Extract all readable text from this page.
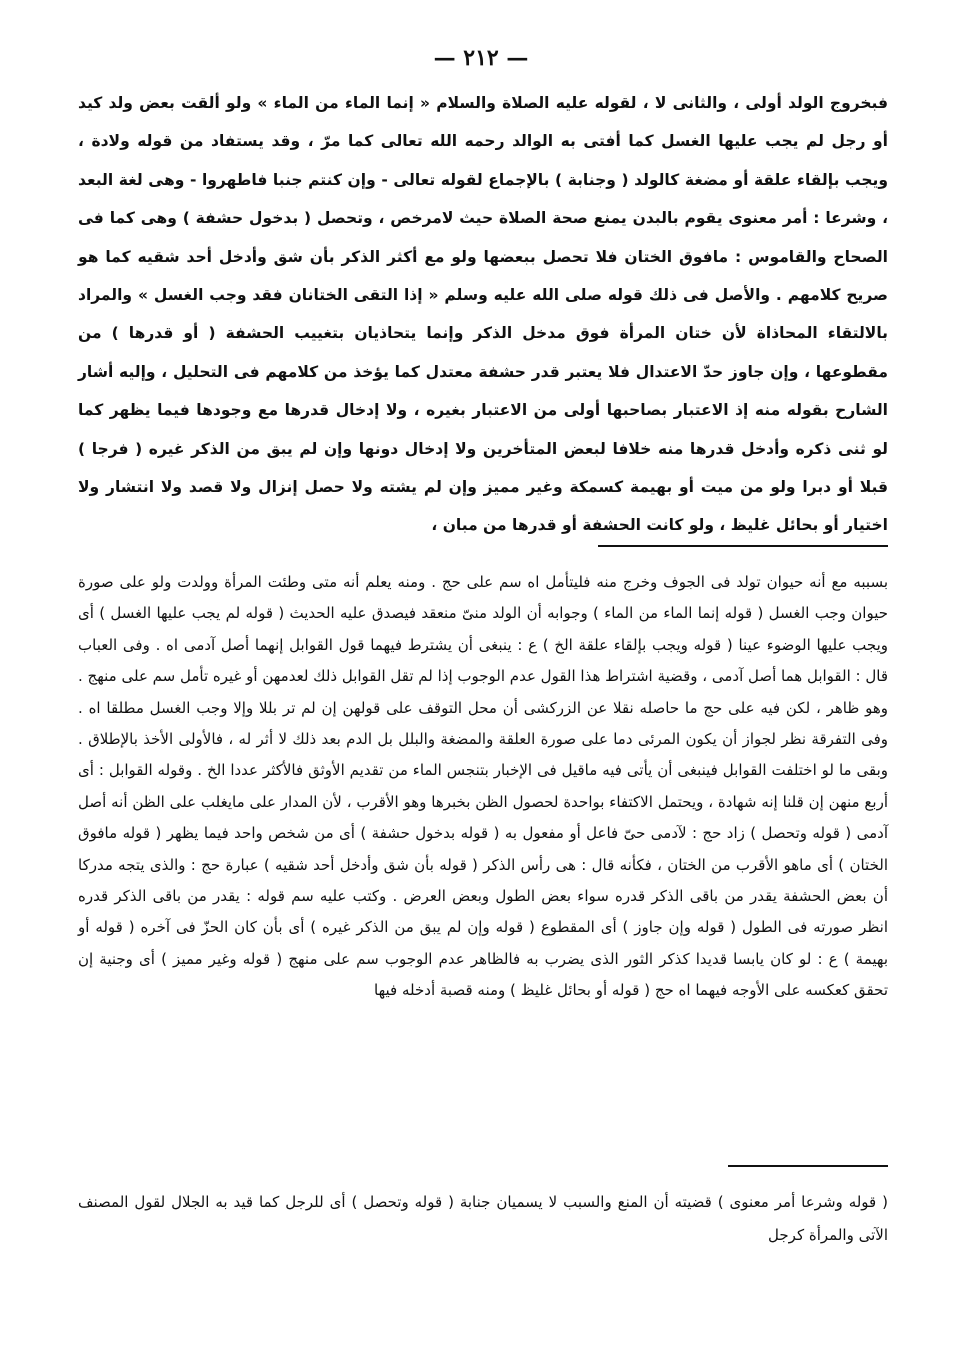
— ٢١٢ —

فبخروج الولد أولى ، والثانى لا ، لقوله عليه الصلاة والسلام « إنما الماء من الماء » ولو ألقت بعض ولد كيد أو رجل لم يجب عليها الغسل كما أفتى به الوالد رحمه الله تعالى كما مرّ ، وقد يستفاد من قوله ولادة ، ويجب بإلقاء علقة أو مضغة كالولد ( وجنابة ) بالإجماع لقوله تعالى - وإن كنتم جنبا فاطهروا - وهى لغة البعد ، وشرعا : أمر معنوى يقوم بالبدن يمنع صحة الصلاة حيث لامرخص ، وتحصل ( بدخول حشفة ) وهى كما فى الصحاح والقاموس : مافوق الختان فلا تحصل ببعضها ولو مع أكثر الذكر بأن شق وأدخل أحد شقيه كما هو صريح كلامهم . والأصل فى ذلك قوله صلى الله عليه وسلم « إذا التقى الختانان فقد وجب الغسل » والمراد بالالتقاء المحاذاة لأن ختان المرأة فوق مدخل الذكر وإنما يتحاذيان بتغييب الحشفة ( أو قدرها ) من مقطوعها ، وإن جاوز حدّ الاعتدال فلا يعتبر قدر حشفة معتدل كما يؤخذ من كلامهم فى التحليل ، وإليه أشار الشارح بقوله منه إذ الاعتبار بصاحبها أولى من الاعتبار بغيره ، ولا إدخال قدرها مع وجودها فيما يظهر كما لو ثنى ذكره وأدخل قدرها منه خلافا لبعض المتأخرين ولا إدخال دونها وإن لم يبق من الذكر غيره ( فرجا ) قبلا أو دبرا ولو من ميت أو بهيمة كسمكة وغير مميز وإن لم يشته ولا حصل إنزال ولا قصد ولا انتشار ولا اختيار أو بحائل غليظ ، ولو كانت الحشفة أو قدرها من مبان ،

بسببه مع أنه حيوان تولد فى الجوف وخرج منه فليتأمل اه سم على حج . ومنه يعلم أنه متى وطئت المرأة وولدت ولو على صورة حيوان وجب الغسل ( قوله إنما الماء من الماء ) وجوابه أن الولد منىّ منعقد فيصدق عليه الحديث ( قوله لم يجب عليها الغسل ) أى ويجب عليها الوضوء عينا ( قوله ويجب بإلقاء علقة الخ ) ع : ينبغى أن يشترط فيهما قول القوابل إنهما أصل آدمى اه . وفى العباب قال : القوابل هما أصل آدمى ، وقضية اشتراط هذا القول عدم الوجوب إذا لم تقل القوابل ذلك لعدمهن أو غيره تأمل سم على منهج . وهو ظاهر ، لكن فيه على حج ما حاصله نقلا عن الزركشى أن محل التوقف على قولهن إن لم تر بللا وإلا وجب الغسل مطلقا اه . وفى التفرقة نظر لجواز أن يكون المرئى دما على صورة العلقة والمضغة والبلل بل الدم بعد ذلك لا أثر له ، فالأولى الأخذ بالإطلاق . وبقى ما لو اختلفت القوابل فينبغى أن يأتى فيه ماقيل فى الإخبار بتنجس الماء من تقديم الأوثق فالأكثر عددا الخ . وقوله القوابل : أى أربع منهن إن قلنا إنه شهادة ، ويحتمل الاكتفاء بواحدة لحصول الظن بخبرها وهو الأقرب ، لأن المدار على مايغلب على الظن أنه أصل آدمى ( قوله وتحصل ) زاد حج : لآدمى حىّ فاعل أو مفعول به ( قوله بدخول حشفة ) أى من شخص واحد فيما يظهر ( قوله مافوق الختان ) أى ماهو الأقرب من الختان ، فكأنه قال : هى رأس الذكر ( قوله بأن شق وأدخل أحد شقيه ) عبارة حج : والذى يتجه مدركا أن بعض الحشفة يقدر من باقى الذكر قدره سواء بعض الطول وبعض العرض . وكتب عليه سم قوله : يقدر من باقى الذكر قدره انظر صورته فى الطول ( قوله وإن جاوز ) أى المقطوع ( قوله وإن لم يبق من الذكر غيره ) أى بأن كان الحزّ فى آخره ( قوله أو بهيمة ) ع : لو كان يابسا قديدا كذكر الثور الذى يضرب به فالظاهر عدم الوجوب سم على منهج ( قوله وغير مميز ) أى وجنية إن تحقق كعكسه على الأوجه فيهما اه حج ( قوله أو بحائل غليظ ) ومنه قصبة أدخله فيها

( قوله وشرعا أمر معنوى ) قضيته أن المنع والسبب لا يسميان جنابة ( قوله وتحصل ) أى للرجل كما قيد به الجلال لقول المصنف الآتى والمرأة كرجل
